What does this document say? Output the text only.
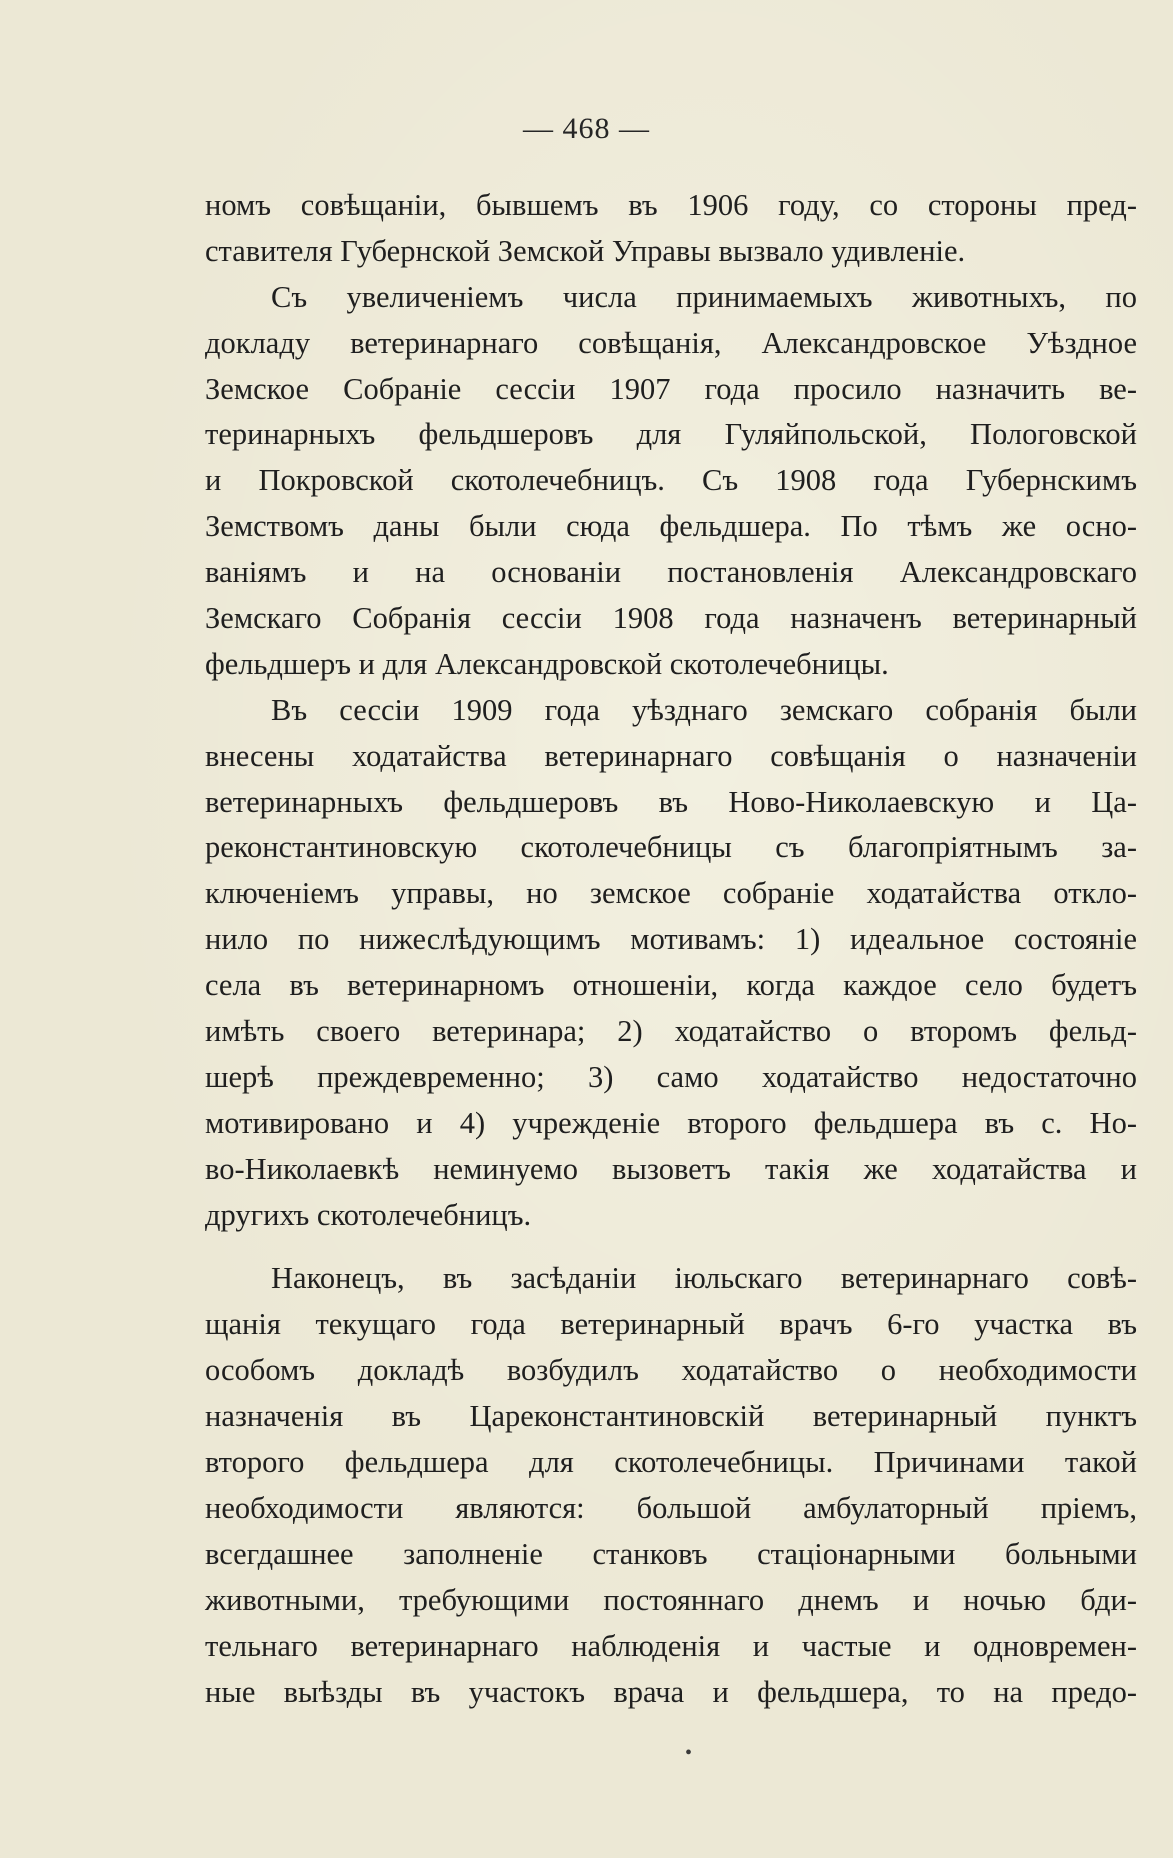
— 468 —
номъ совѣщаніи, бывшемъ въ 1906 году, со стороны пред-
ставителя Губернской Земской Управы вызвало удивленіе.
Съ увеличеніемъ числа принимаемыхъ животныхъ, по
докладу ветеринарнаго совѣщанія, Александровское Уѣздное
Земское Собраніе сессіи 1907 года просило назначить ве-
теринарныхъ фельдшеровъ для Гуляйпольской, Пологовской
и Покровской скотолечебницъ. Съ 1908 года Губернскимъ
Земствомъ даны были сюда фельдшера. По тѣмъ же осно-
ваніямъ и на основаніи постановленія Александровскаго
Земскаго Собранія сессіи 1908 года назначенъ ветеринарный
фельдшеръ и для Александровской скотолечебницы.
Въ сессіи 1909 года уѣзднаго земскаго собранія были
внесены ходатайства ветеринарнаго совѣщанія о назначеніи
ветеринарныхъ фельдшеровъ въ Ново-Николаевскую и Ца-
реконстантиновскую скотолечебницы съ благопріятнымъ за-
ключеніемъ управы, но земское собраніе ходатайства откло-
нило по нижеслѣдующимъ мотивамъ: 1) идеальное состояніе
села въ ветеринарномъ отношеніи, когда каждое село будетъ
имѣть своего ветеринара; 2) ходатайство о второмъ фельд-
шерѣ преждевременно; 3) само ходатайство недостаточно
мотивировано и 4) учрежденіе второго фельдшера въ с. Но-
во-Николаевкѣ неминуемо вызоветъ такія же ходатайства и
другихъ скотолечебницъ.
Наконецъ, въ засѣданіи іюльскаго ветеринарнаго совѣ-
щанія текущаго года ветеринарный врачъ 6-го участка въ
особомъ докладѣ возбудилъ ходатайство о необходимости
назначенія въ Цареконстантиновскій ветеринарный пунктъ
второго фельдшера для скотолечебницы. Причинами такой
необходимости являются: большой амбулаторный пріемъ,
всегдашнее заполненіе станковъ стаціонарными больными
животными, требующими постояннаго днемъ и ночью бди-
тельнаго ветеринарнаго наблюденія и частые и одновремен-
ные выѣзды въ участокъ врача и фельдшера, то на предо-
•
